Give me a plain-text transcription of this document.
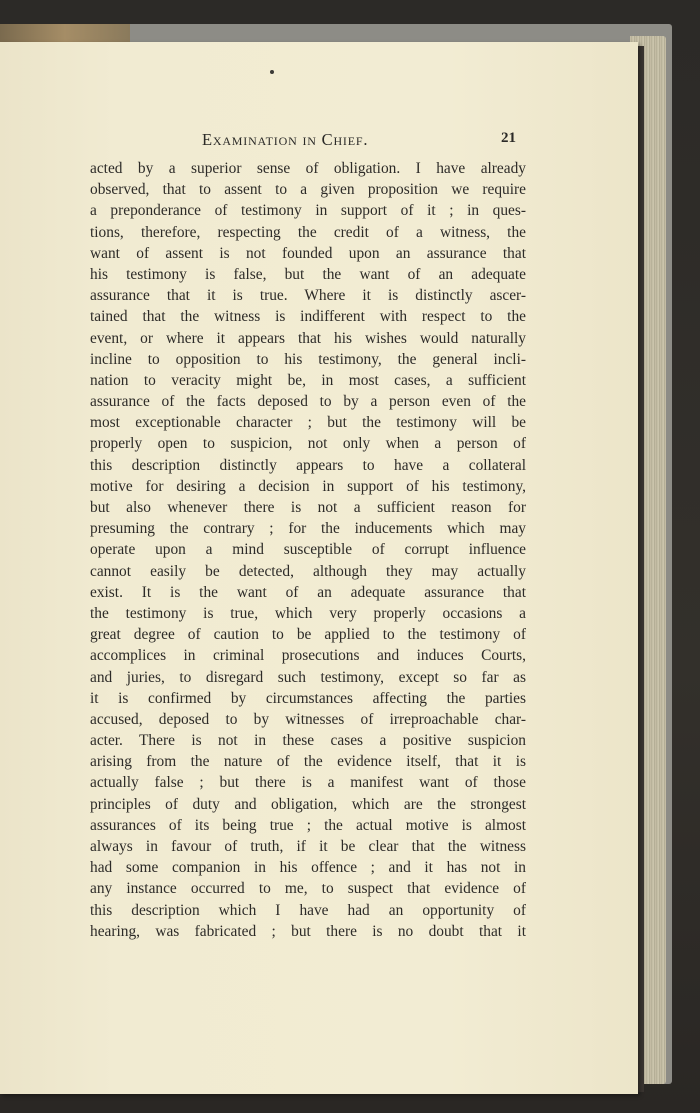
Examination in Chief.	21
acted by a superior sense of obligation. I have already
observed, that to assent to a given proposition we require
a preponderance of testimony in support of it ; in ques-
tions, therefore, respecting the credit of a witness, the
want of assent is not founded upon an assurance that
his testimony is false, but the want of an adequate
assurance that it is true. Where it is distinctly ascer-
tained that the witness is indifferent with respect to the
event, or where it appears that his wishes would naturally
incline to opposition to his testimony, the general incli-
nation to veracity might be, in most cases, a sufficient
assurance of the facts deposed to by a person even of the
most exceptionable character ; but the testimony will be
properly open to suspicion, not only when a person of
this description distinctly appears to have a collateral
motive for desiring a decision in support of his testimony,
but also whenever there is not a sufficient reason for
presuming the contrary ; for the inducements which may
operate upon a mind susceptible of corrupt influence
cannot easily be detected, although they may actually
exist. It is the want of an adequate assurance that
the testimony is true, which very properly occasions a
great degree of caution to be applied to the testimony of
accomplices in criminal prosecutions and induces Courts,
and juries, to disregard such testimony, except so far as
it is confirmed by circumstances affecting the parties
accused, deposed to by witnesses of irreproachable char-
acter. There is not in these cases a positive suspicion
arising from the nature of the evidence itself, that it is
actually false ; but there is a manifest want of those
principles of duty and obligation, which are the strongest
assurances of its being true ; the actual motive is almost
always in favour of truth, if it be clear that the witness
had some companion in his offence ; and it has not in
any instance occurred to me, to suspect that evidence of
this description which I have had an opportunity of
hearing, was fabricated ; but there is no doubt that it
